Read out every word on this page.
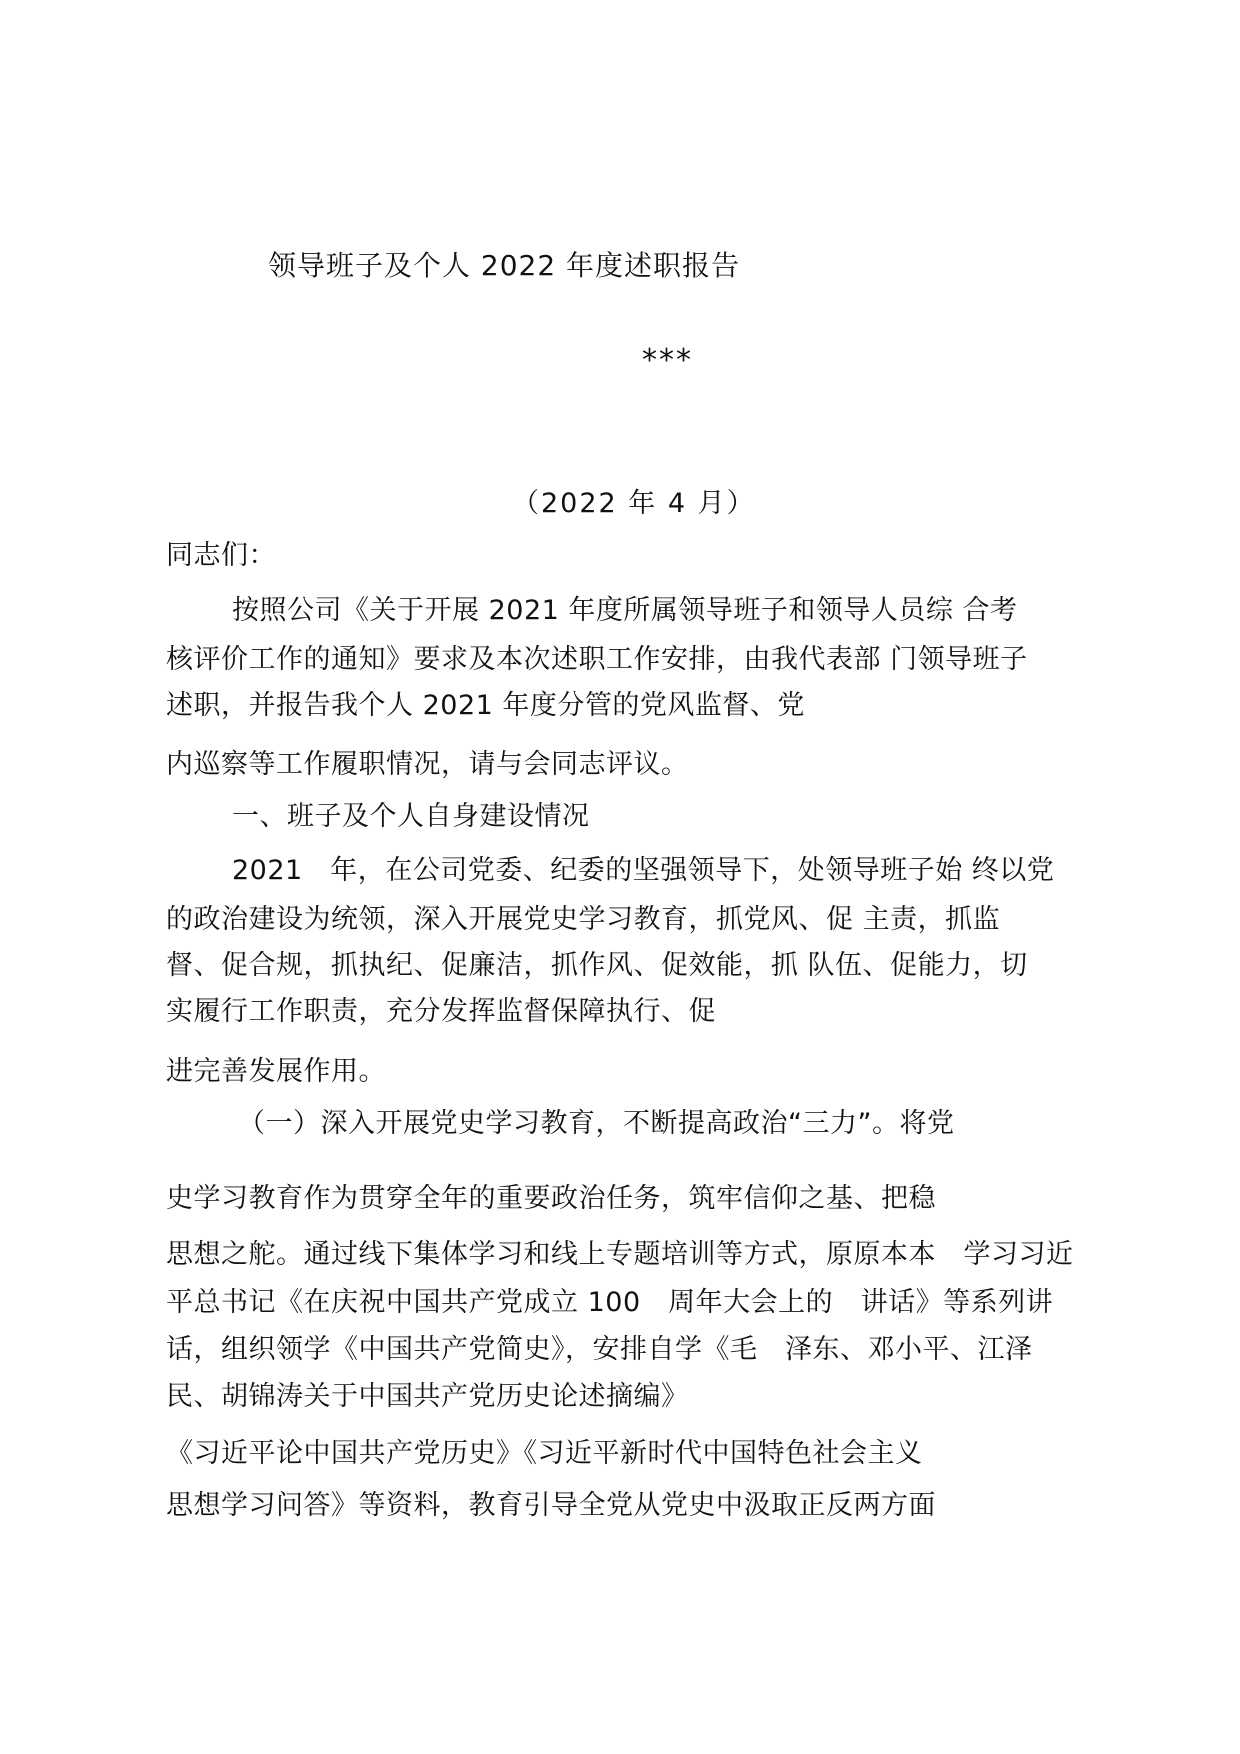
领导班子及个人 2022 年度述职报告
***
（2022 年 4 月）
同志们：
按照公司《关于开展 2021 年度所属领导班子和领导人员综 合考
核评价工作的通知》要求及本次述职工作安排，由我代表部 门领导班子
述职，并报告我个人 2021 年度分管的党风监督、党
内巡察等工作履职情况，请与会同志评议。
一、班子及个人自身建设情况
2021　年，在公司党委、纪委的坚强领导下，处领导班子始 终以党
的政治建设为统领，深入开展党史学习教育，抓党风、促 主责，抓监
督、促合规，抓执纪、促廉洁，抓作风、促效能，抓 队伍、促能力，切
实履行工作职责，充分发挥监督保障执行、促
进完善发展作用。
（一）深入开展党史学习教育，不断提高政治“三力”。将党
史学习教育作为贯穿全年的重要政治任务，筑牢信仰之基、把稳
思想之舵。通过线下集体学习和线上专题培训等方式，原原本本　学习习近
平总书记《在庆祝中国共产党成立 100　周年大会上的　讲话》等系列讲
话，组织领学《中国共产党简史》，安排自学《毛　泽东、邓小平、江泽
民、胡锦涛关于中国共产党历史论述摘编》
《习近平论中国共产党历史》《习近平新时代中国特色社会主义
思想学习问答》等资料，教育引导全党从党史中汲取正反两方面
